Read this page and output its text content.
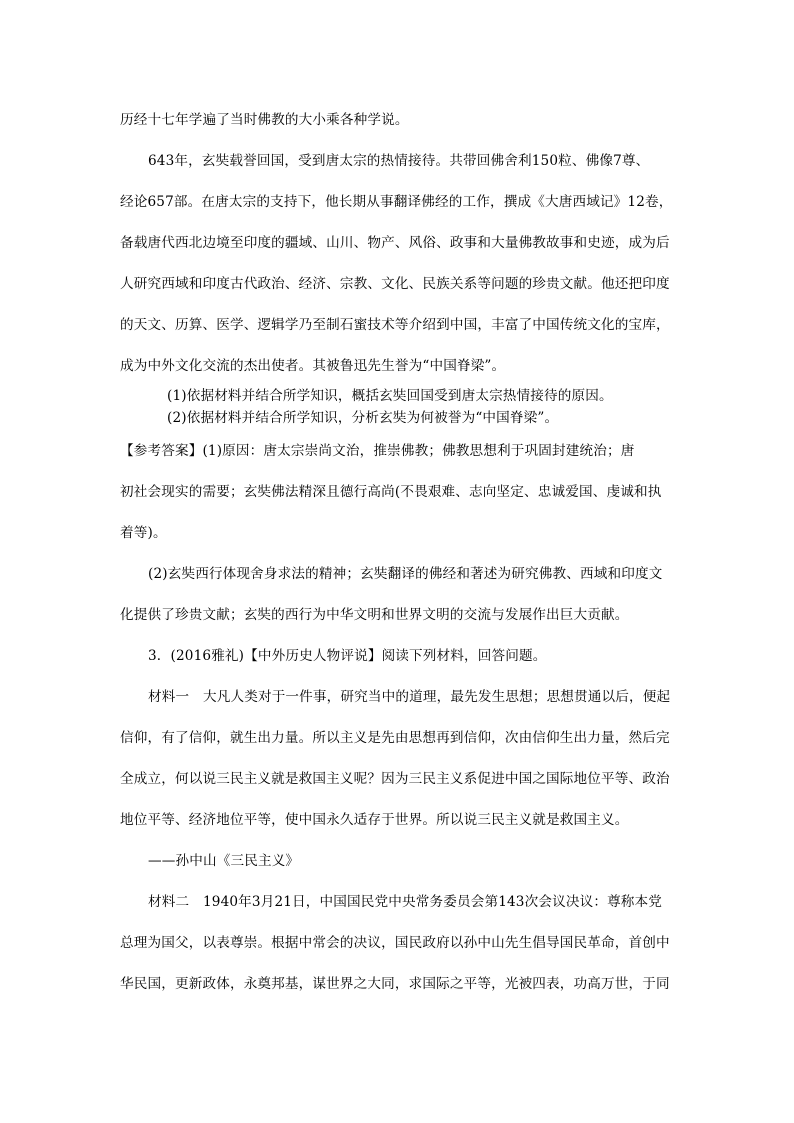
历经十七年学遍了当时佛教的大小乘各种学说。

643年，玄奘载誉回国，受到唐太宗的热情接待。共带回佛舍利150粒、佛像7尊、

经论657部。在唐太宗的支持下，他长期从事翻译佛经的工作，撰成《大唐西域记》12卷，

备载唐代西北边境至印度的疆域、山川、物产、风俗、政事和大量佛教故事和史迹，成为后

人研究西域和印度古代政治、经济、宗教、文化、民族关系等问题的珍贵文献。他还把印度

的天文、历算、医学、逻辑学乃至制石蜜技术等介绍到中国，丰富了中国传统文化的宝库，

成为中外文化交流的杰出使者。其被鲁迅先生誉为“中国脊梁”。

(1)依据材料并结合所学知识，概括玄奘回国受到唐太宗热情接待的原因。

(2)依据材料并结合所学知识，分析玄奘为何被誉为“中国脊梁”。

【参考答案】(1)原因：唐太宗崇尚文治，推崇佛教；佛教思想利于巩固封建统治；唐

初社会现实的需要；玄奘佛法精深且德行高尚(不畏艰难、志向坚定、忠诚爱国、虔诚和执

着等)。

(2)玄奘西行体现舍身求法的精神；玄奘翻译的佛经和著述为研究佛教、西域和印度文

化提供了珍贵文献；玄奘的西行为中华文明和世界文明的交流与发展作出巨大贡献。

3．(2016雅礼)【中外历史人物评说】阅读下列材料，回答问题。

材料一　大凡人类对于一件事，研究当中的道理，最先发生思想；思想贯通以后，便起

信仰，有了信仰，就生出力量。所以主义是先由思想再到信仰，次由信仰生出力量，然后完

全成立，何以说三民主义就是救国主义呢？因为三民主义系促进中国之国际地位平等、政治

地位平等、经济地位平等，使中国永久适存于世界。所以说三民主义就是救国主义。

——孙中山《三民主义》

材料二　1940年3月21日，中国国民党中央常务委员会第143次会议决议：尊称本党

总理为国父，以表尊崇。根据中常会的决议，国民政府以孙中山先生倡导国民革命，首创中

华民国，更新政体，永奠邦基，谋世界之大同，求国际之平等，光被四表，功高万世，于同
